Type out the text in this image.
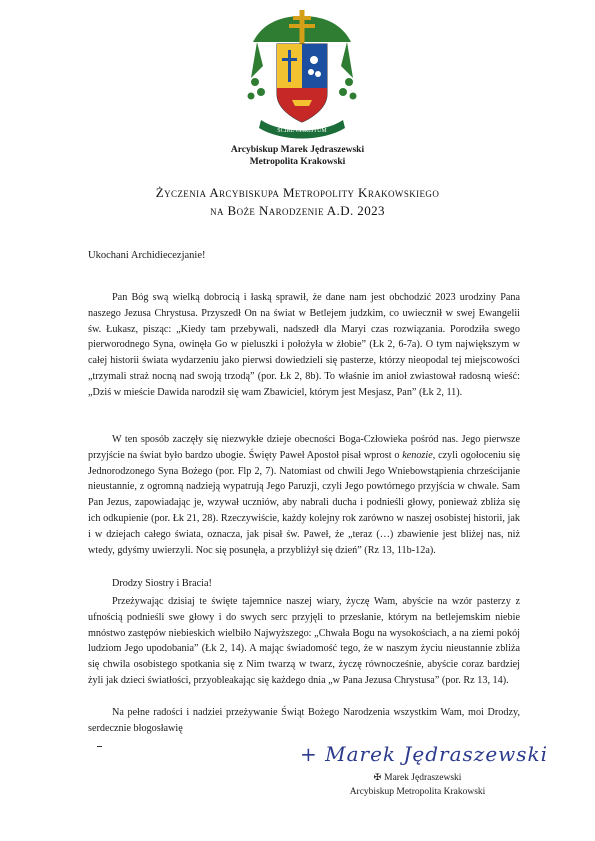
SCIRE CHRISTUM
Arcybiskup Marek Jędraszewski
Metropolita Krakowski
Życzenia Arcybiskupa Metropolity Krakowskiego
na Boże Narodzenie A.D. 2023
Ukochani Archidiecezjanie!

Pan Bóg swą wielką dobrocią i łaską sprawił, że dane nam jest obchodzić 2023 urodziny Pana naszego Jezusa Chrystusa. Przyszedł On na świat w Betlejem judzkim, co uwiecznił w swej Ewangelii św. Łukasz, pisząc: „Kiedy tam przebywali, nadszedł dla Maryi czas rozwiązania. Porodziła swego pierworodnego Syna, owinęła Go w pieluszki i położyła w żłobie” (Łk 2, 6-7a). O tym największym w całej historii świata wydarzeniu jako pierwsi dowiedzieli się pasterze, którzy nieopodal tej miejscowości „trzymali straż nocną nad swoją trzodą” (por. Łk 2, 8b). To właśnie im anioł zwiastował radosną wieść: „Dziś w mieście Dawida narodził się wam Zbawiciel, którym jest Mesjasz, Pan” (Łk 2, 11).

W ten sposób zaczęły się niezwykłe dzieje obecności Boga-Człowieka pośród nas. Jego pierwsze przyjście na świat było bardzo ubogie. Święty Paweł Apostoł pisał wprost o kenozie, czyli ogołoceniu się Jednorodzonego Syna Bożego (por. Flp 2, 7). Natomiast od chwili Jego Wniebowstąpienia chrześcijanie nieustannie, z ogromną nadzieją wypatrują Jego Paruzji, czyli Jego powtórnego przyjścia w chwale. Sam Pan Jezus, zapowiadając je, wzywał uczniów, aby nabrali ducha i podnieśli głowy, ponieważ zbliża się ich odkupienie (por. Łk 21, 28). Rzeczywiście, każdy kolejny rok zarówno w naszej osobistej historii, jak i w dziejach całego świata, oznacza, jak pisał św. Paweł, że „teraz (…) zbawienie jest bliżej nas, niż wtedy, gdyśmy uwierzyli. Noc się posunęła, a przybliżył się dzień” (Rz 13, 11b-12a).

Drodzy Siostry i Bracia!

Przeżywając dzisiaj te święte tajemnice naszej wiary, życzę Wam, abyście na wzór pasterzy z ufnością podnieśli swe głowy i do swych serc przyjęli to przesłanie, którym na betlejemskim niebie mnóstwo zastępów niebieskich wielbiło Najwyższego: „Chwała Bogu na wysokościach, a na ziemi pokój ludziom Jego upodobania” (Łk 2, 14). A mając świadomość tego, że w naszym życiu nieustannie zbliża się chwila osobistego spotkania się z Nim twarzą w twarz, życzę równocześnie, abyście coraz bardziej żyli jak dzieci światłości, przyobleakając się każdego dnia „w Pana Jezusa Chrystusa” (por. Rz 13, 14).

Na pełne radości i nadziei przeżywanie Świąt Bożego Narodzenia wszystkim Wam, moi Drodzy, serdecznie błogosławię

+ Marek Jędraszewski
✠ Marek Jędraszewski
Arcybiskup Metropolita Krakowski
